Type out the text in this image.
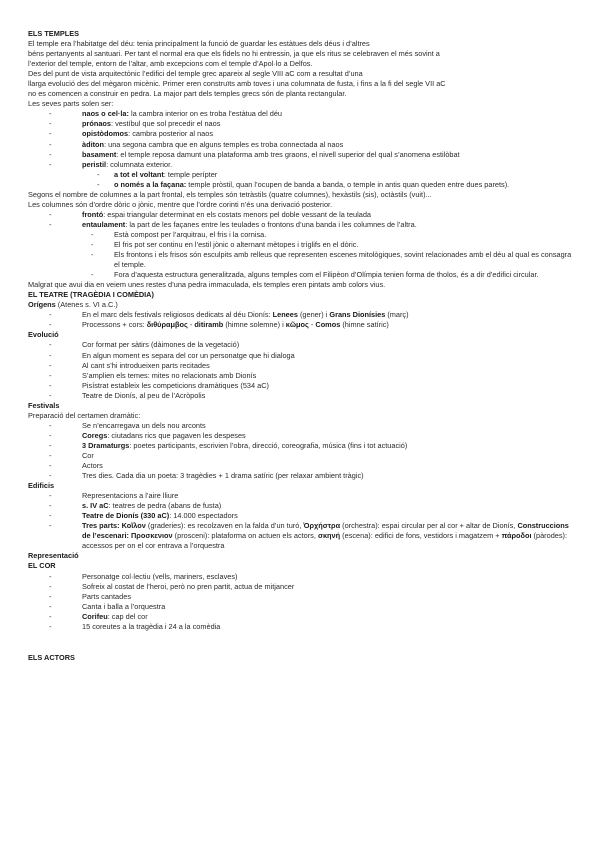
ELS TEMPLES

El temple era l’habitatge del déu: tenia principalment la funció de guardar les estàtues dels déus i d’altres

béns pertanyents al santuari. Per tant el normal era que els fidels no hi entressin, ja que els ritus se celebraven el més sovint a

l’exterior del temple, entorn de l’altar, amb excepcions com el temple d’Apol·lo a Delfos.

Des del punt de vista arquitectònic l’edifici del temple grec apareix al segle VIII aC com a resultat d’una

llarga evolució des del mègaron micènic. Primer eren construïts amb toves i una columnata de fusta, i fins a la fi del segle VII aC

no es comencen a construir en pedra. La major part dels temples grecs són de planta rectangular.

Les seves parts solen ser:

- naos o cel·la: la cambra interior on es troba l’estàtua del déu
- prónaos: vestíbul que sol precedir el naos
- opistòdomos: cambra posterior al naos
- àditon: una segona cambra que en alguns temples es troba connectada al naos
- basament: el temple reposa damunt una plataforma amb tres graons, el nivell superior del qual s’anomena estilòbat
- peristil: columnata exterior.
- a tot el voltant: temple perípter
- o només a la façana: temple pròstil, quan l’ocupen de banda a banda, o temple in antis quan queden entre dues parets).

Segons el nombre de columnes a la part frontal, els temples són tetràstils (quatre columnes), hexàstils (sis), octàstils (vuit)...

Les columnes són d’ordre dòric o jònic, mentre que l’ordre corinti n’és una derivació posterior.

- frontó: espai triangular determinat en els costats menors pel doble vessant de la teulada
- entaulament: la part de les façanes entre les teulades o frontons d’una banda i les columnes de l’altra.
- Està compost per l’arquitrau, el fris i la cornisa.
- El fris pot ser continu en l’estil jònic o alternant mètopes i tríglifs en el dòric.
- Els frontons i els frisos són esculpits amb relleus que representen escenes mitològiques, sovint relacionades amb el déu al qual es consagra el temple.
- Fora d’aquesta estructura generalitzada, alguns temples com el Filipèon d’Olímpia tenien forma de tholos, és a dir d’edifici circular.

Malgrat que avui dia en veiem unes restes d’una pedra immaculada, els temples eren pintats amb colors vius.

EL TEATRE (TRAGÈDIA I COMÈDIA)

Orígens (Atenes s. VI a.C.)

- En el marc dels festivals religiosos dedicats al déu Dionís: Lenees (gener) i Grans Dionísies (març)
- Processons + cors: διθύραμβος - ditiramb (himne solemne) i κῶμος - Comos (himne satíric)

Evolució

- Cor format per sàtirs (dàimones de la vegetació)
- En algun moment es separa del cor un personatge que hi dialoga
- Al cant s’hi introdueixen parts recitades
- S’amplien els temes: mites no relacionats amb Dionís
- Pisístrat estableix les competicions dramàtiques (534 aC)
- Teatre de Dionís, al peu de l’Acròpolis

Festivals

Preparació del certamen dramàtic:

- Se n’encarregava un dels nou arconts
- Coregs: ciutadans rics que pagaven les despeses
- 3 Dramaturgs: poetes participants, escrivien l’obra, direcció, coreografia, música (fins i tot actuació)
- Cor
- Actors
- Tres dies. Cada dia un poeta: 3 tragèdies + 1 drama satíric (per relaxar ambient tràgic)

Edificis

- Representacions a l’aire lliure
- s. IV aC: teatres de pedra (abans de fusta)
- Teatre de Dionís (330 aC): 14.000 espectadors
- Tres parts: Κοῖλον (graderies): es recolzaven en la falda d’un turó, Ὀρχήστρα (orchestra): espai circular per al cor + altar de Dionís, Construccions de l’escenari: Προσκενιον (prosceni): plataforma on actuen els actors, σκηνή (escena): edifici de fons, vestidors i magatzem + πάροδοι (pàrodes): accessos per on el cor entrava a l’orquestra

Representació

EL COR

- Personatge col·lectiu (vells, mariners, esclaves)
- Sofreix al costat de l’heroi, però no pren partit, actua de mitjancer
- Parts cantades
- Canta i balla a l’orquestra
- Corifeu: cap del cor
- 15 coreutes a la tragèdia i 24 a la comèdia

ELS ACTORS
